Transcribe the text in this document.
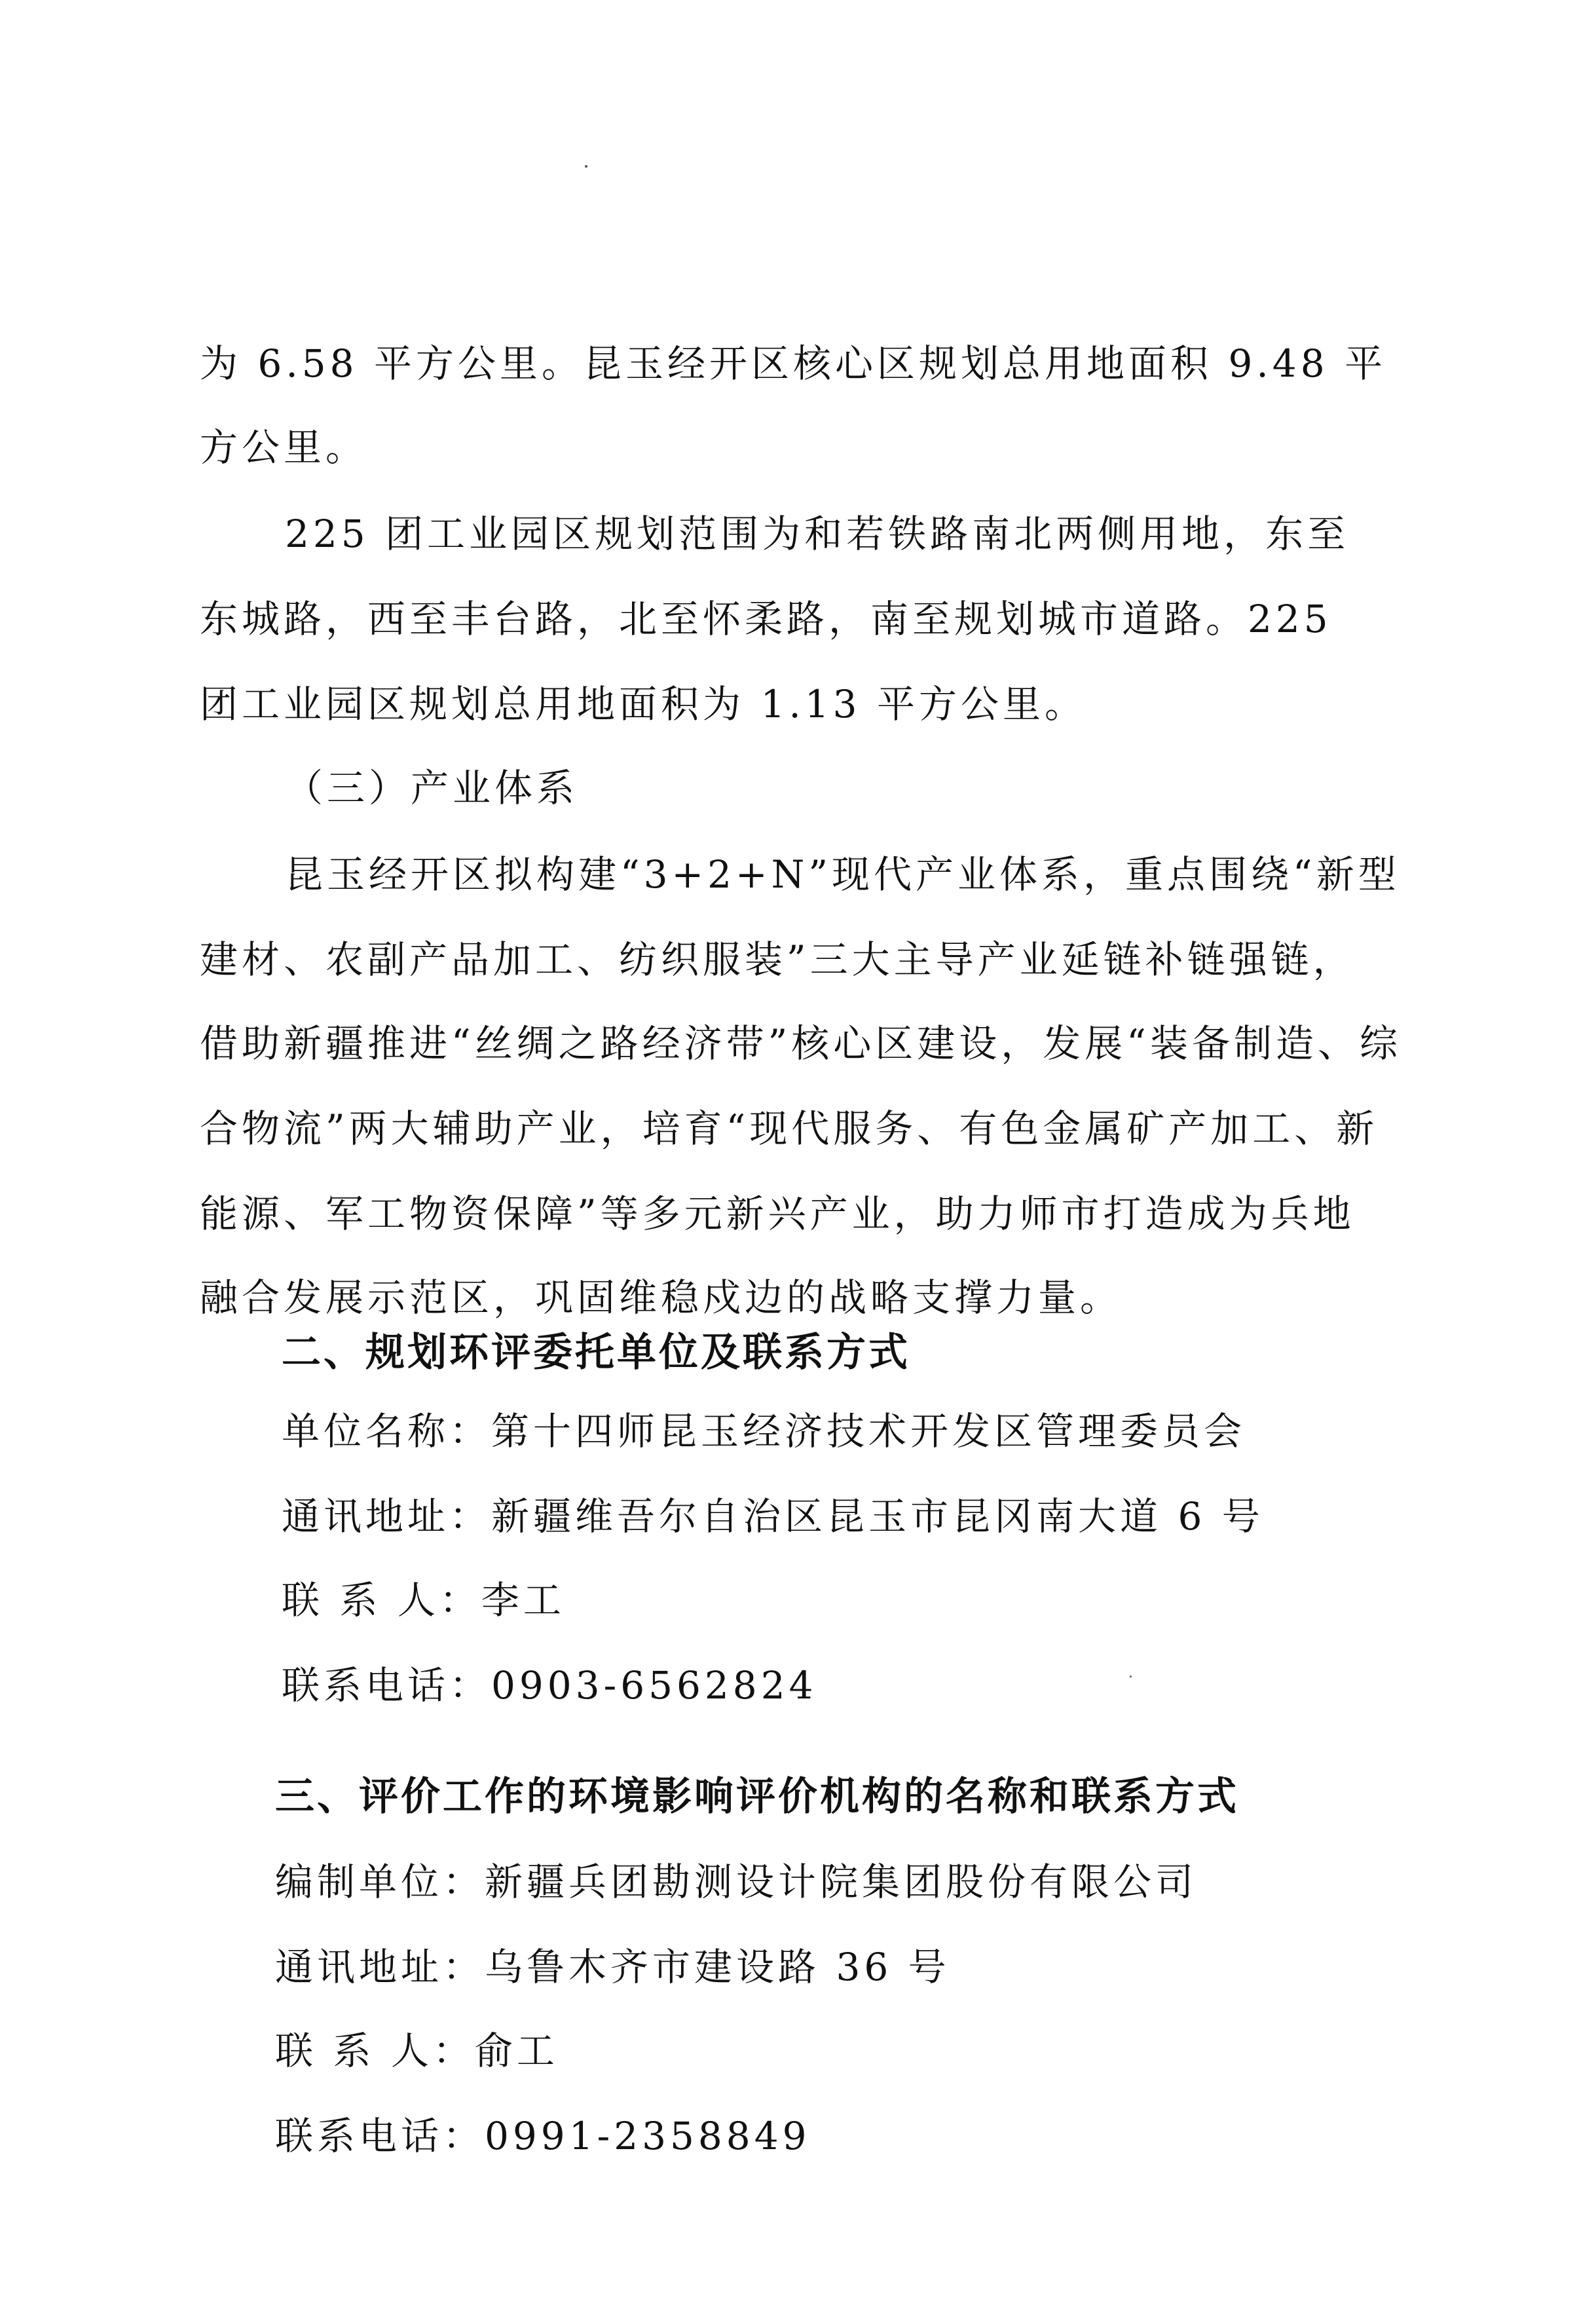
为 6.58 平方公里。昆玉经开区核心区规划总用地面积 9.48 平
方公里。
225 团工业园区规划范围为和若铁路南北两侧用地，东至
东城路，西至丰台路，北至怀柔路，南至规划城市道路。225
团工业园区规划总用地面积为 1.13 平方公里。
（三）产业体系
昆玉经开区拟构建“3+2+N”现代产业体系，重点围绕“新型
建材、农副产品加工、纺织服装”三大主导产业延链补链强链，
借助新疆推进“丝绸之路经济带”核心区建设，发展“装备制造、综
合物流”两大辅助产业，培育“现代服务、有色金属矿产加工、新
能源、军工物资保障”等多元新兴产业，助力师市打造成为兵地
融合发展示范区，巩固维稳戍边的战略支撑力量。
二、规划环评委托单位及联系方式
单位名称：第十四师昆玉经济技术开发区管理委员会
通讯地址：新疆维吾尔自治区昆玉市昆冈南大道 6 号
联 系 人：李工
联系电话：0903-6562824
三、评价工作的环境影响评价机构的名称和联系方式
编制单位：新疆兵团勘测设计院集团股份有限公司
通讯地址：乌鲁木齐市建设路 36 号
联 系 人：俞工
联系电话：0991-2358849
